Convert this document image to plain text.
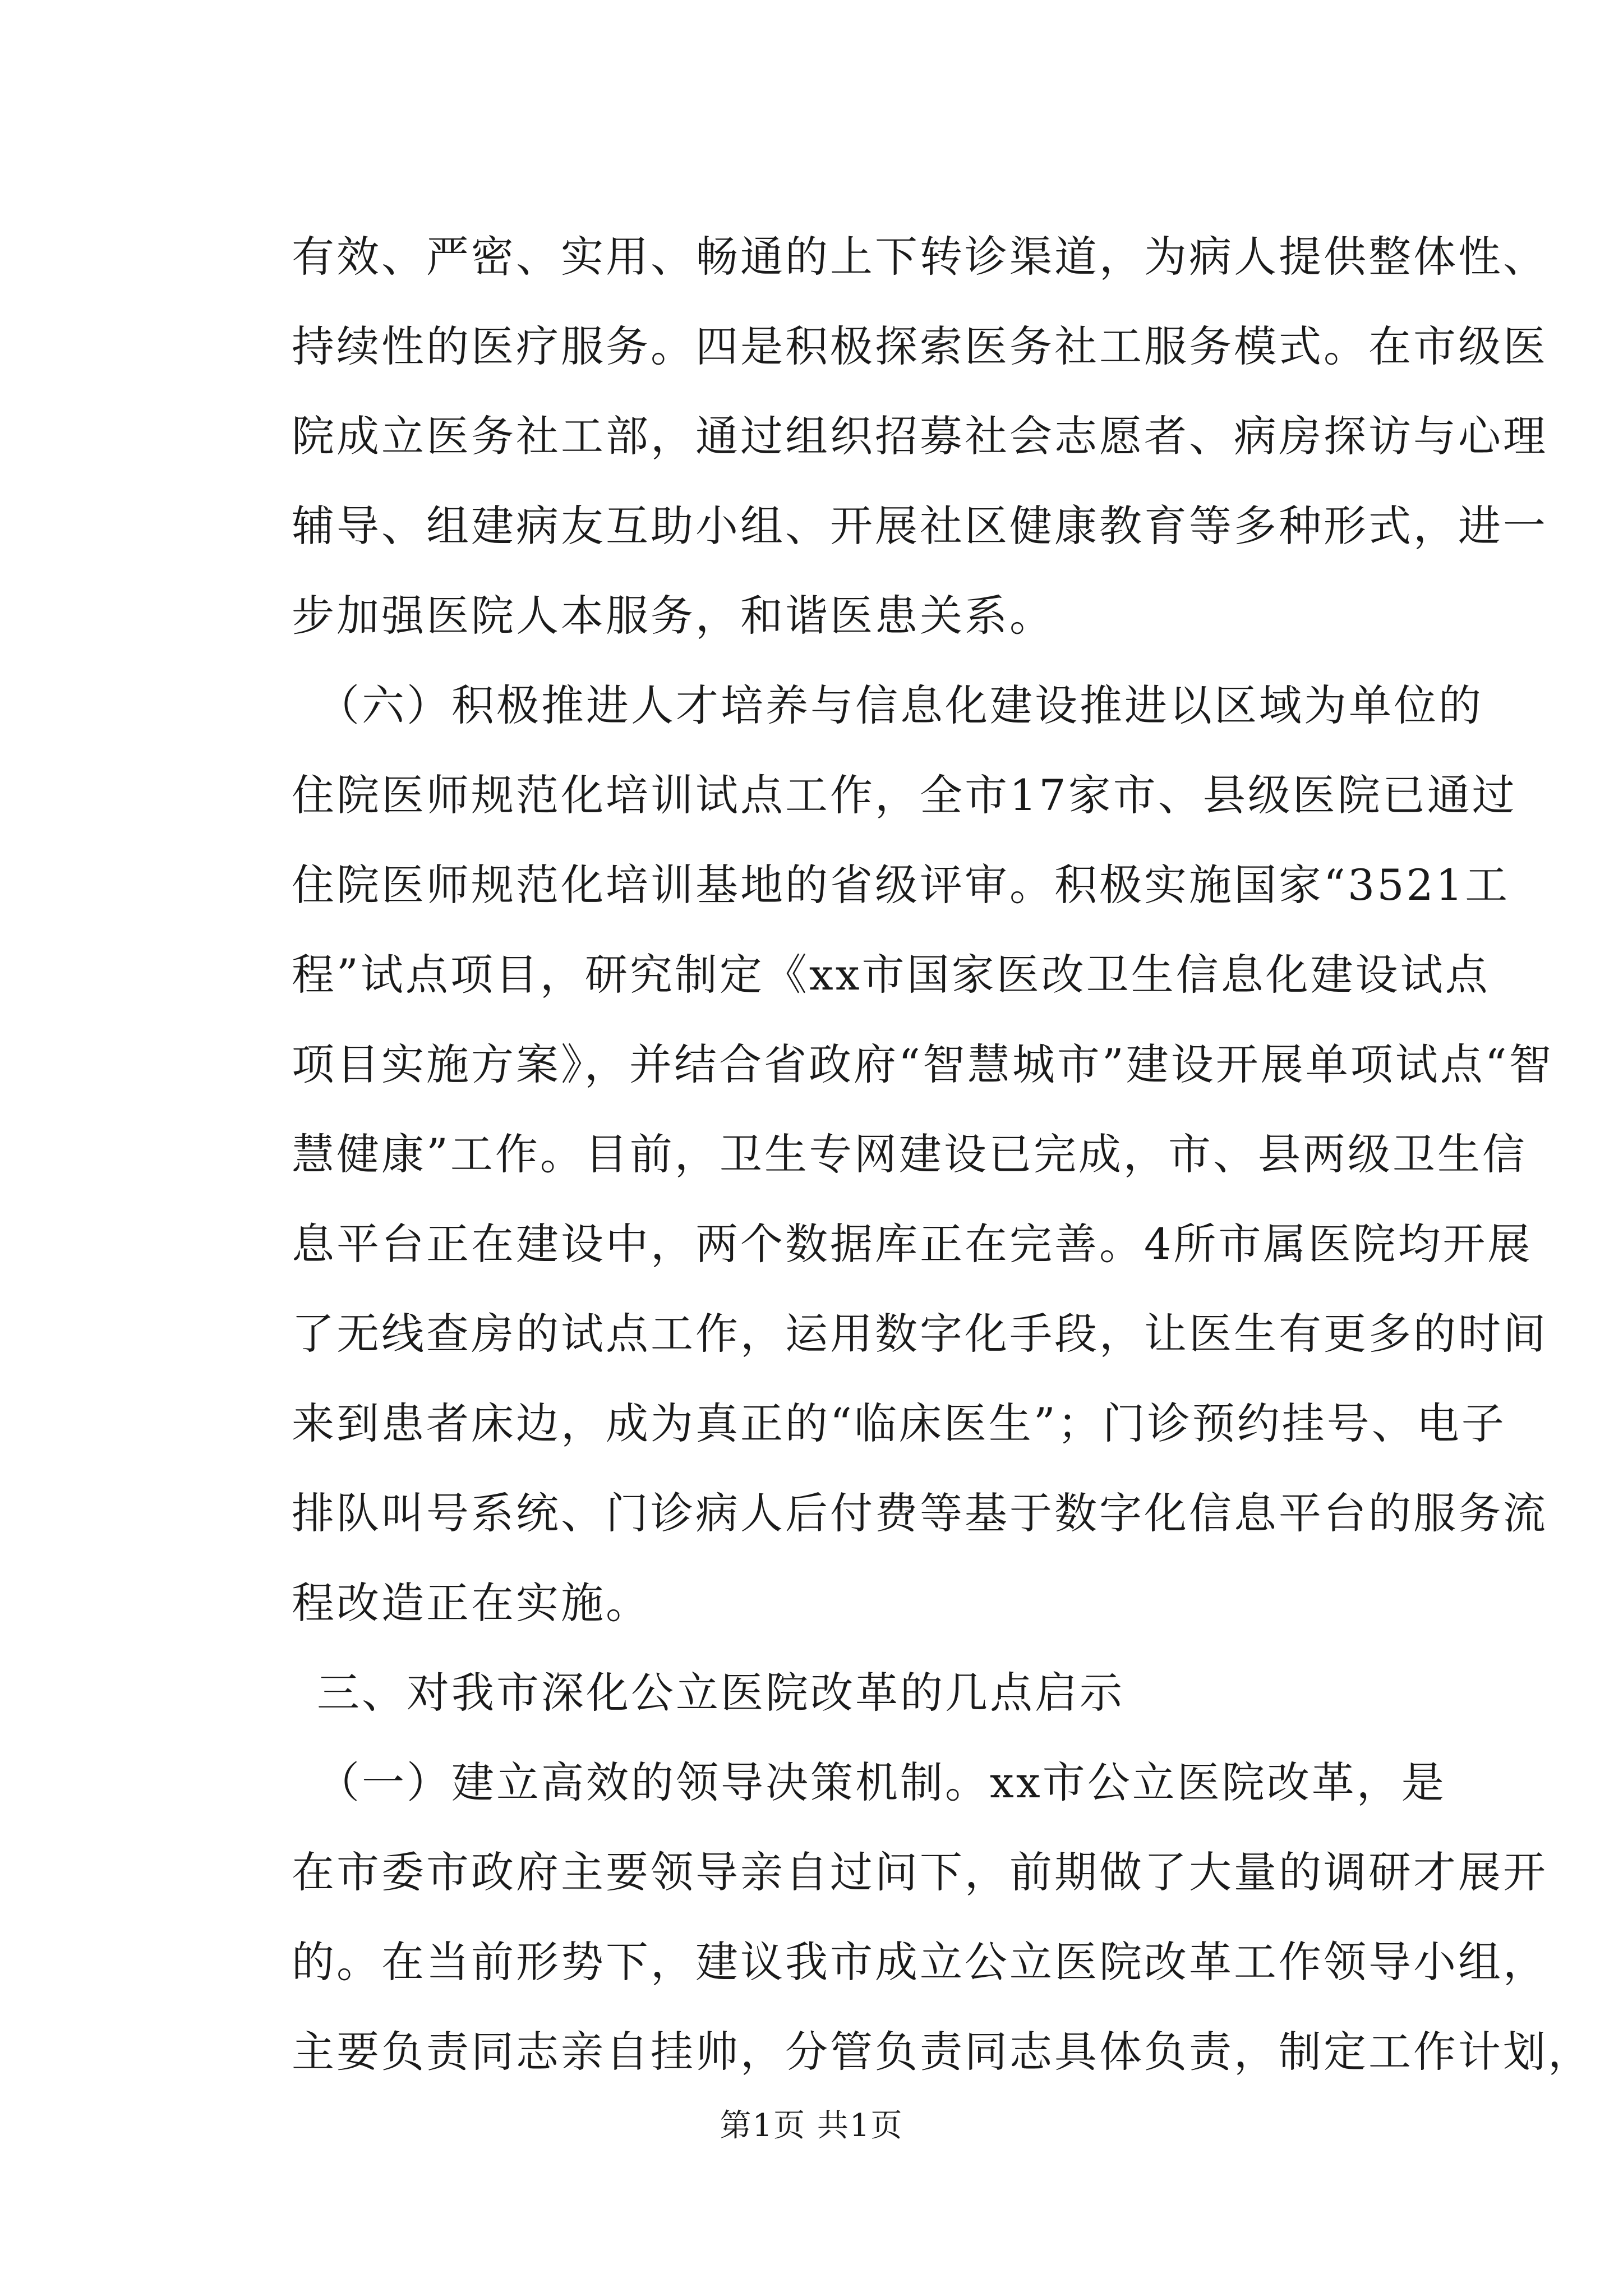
有效、严密、实用、畅通的上下转诊渠道，为病人提供整体性、
持续性的医疗服务。四是积极探索医务社工服务模式。在市级医
院成立医务社工部，通过组织招募社会志愿者、病房探访与心理
辅导、组建病友互助小组、开展社区健康教育等多种形式，进一
步加强医院人本服务，和谐医患关系。
（六）积极推进人才培养与信息化建设推进以区域为单位的
住院医师规范化培训试点工作，全市17家市、县级医院已通过
住院医师规范化培训基地的省级评审。积极实施国家“3521工
程”试点项目，研究制定《xx市国家医改卫生信息化建设试点
项目实施方案》，并结合省政府“智慧城市”建设开展单项试点“智
慧健康”工作。目前，卫生专网建设已完成，市、县两级卫生信
息平台正在建设中，两个数据库正在完善。4所市属医院均开展
了无线查房的试点工作，运用数字化手段，让医生有更多的时间
来到患者床边，成为真正的“临床医生”；门诊预约挂号、电子
排队叫号系统、门诊病人后付费等基于数字化信息平台的服务流
程改造正在实施。
三、对我市深化公立医院改革的几点启示
（一）建立高效的领导决策机制。xx市公立医院改革，是
在市委市政府主要领导亲自过问下，前期做了大量的调研才展开
的。在当前形势下，建议我市成立公立医院改革工作领导小组，
主要负责同志亲自挂帅，分管负责同志具体负责，制定工作计划，
第1页 共1页
